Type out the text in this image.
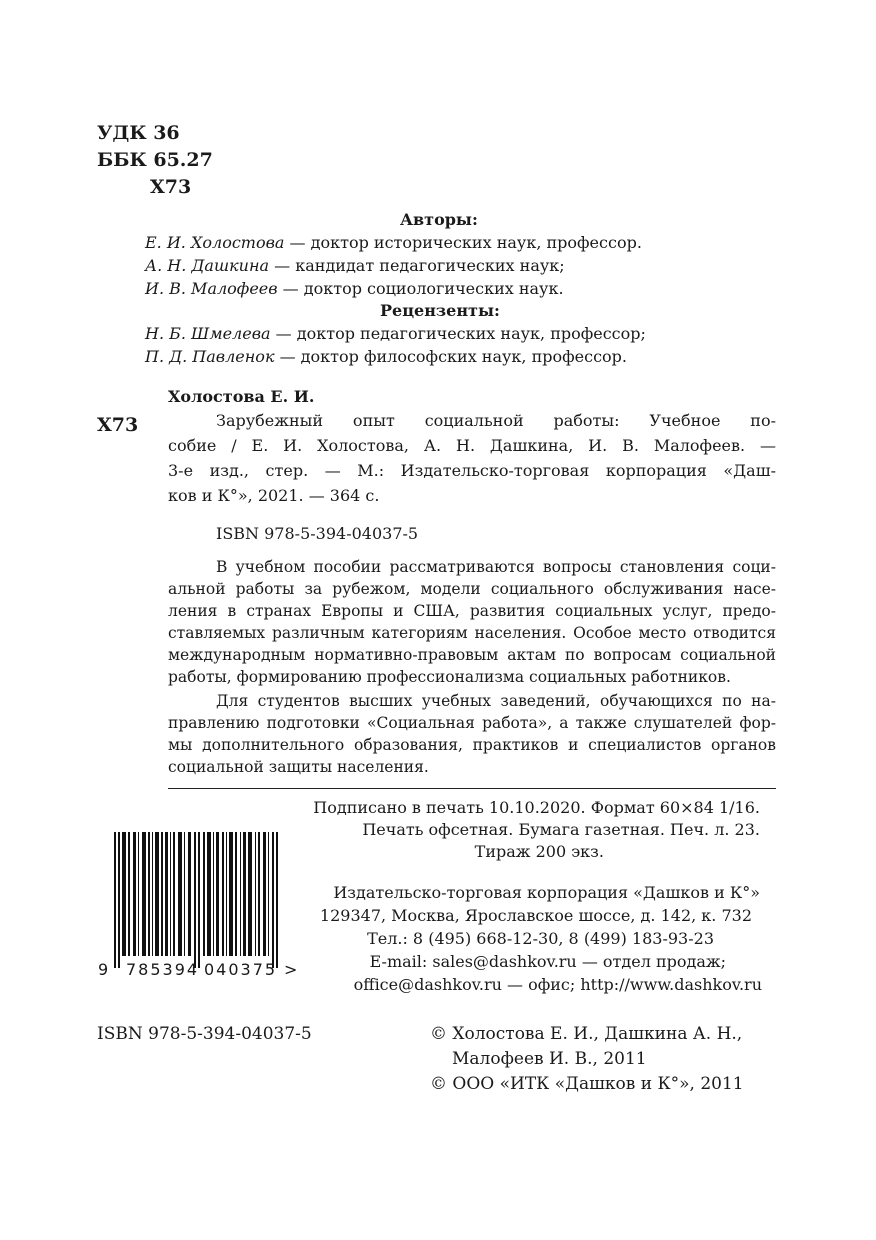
УДК 36
ББК 65.27
Х73
Авторы:
Е. И. Холостова — доктор исторических наук, профессор.
А. Н. Дашкина — кандидат педагогических наук;
И. В. Малофеев — доктор социологических наук.
Рецензенты:
Н. Б. Шмелева — доктор педагогических наук, профессор;
П. Д. Павленок — доктор философских наук, профессор.
Холостова Е. И.
Х73	Зарубежный опыт социальной работы: Учебное по-
собие / Е. И. Холостова, А. Н. Дашкина, И. В. Малофеев. —
3-е изд., стер. — М.: Издательско-торговая корпорация «Даш-
ков и К°», 2021. — 364 с.
ISBN 978-5-394-04037-5
В учебном пособии рассматриваются вопросы становления соци-
альной работы за рубежом, модели социального обслуживания насе-
ления в странах Европы и США, развития социальных услуг, предо-
ставляемых различным категориям населения. Особое место отводится
международным нормативно-правовым актам по вопросам социальной
работы, формированию профессионализма социальных работников.
Для студентов высших учебных заведений, обучающихся по на-
правлению подготовки «Социальная работа», а также слушателей фор-
мы дополнительного образования, практиков и специалистов органов
социальной защиты населения.
Подписано в печать 10.10.2020. Формат 60×84 1/16.
Печать офсетная. Бумага газетная. Печ. л. 23.
Тираж 200 экз.
9 785394 040375 >
Издательско-торговая корпорация «Дашков и К°»
129347, Москва, Ярославское шоссе, д. 142, к. 732
Тел.: 8 (495) 668-12-30, 8 (499) 183-93-23
E-mail: sales@dashkov.ru — отдел продаж;
office@dashkov.ru — офис; http://www.dashkov.ru
ISBN 978-5-394-04037-5	© Холостова Е. И., Дашкина А. Н.,
Малофеев И. В., 2011
© ООО «ИТК «Дашков и К°», 2011
